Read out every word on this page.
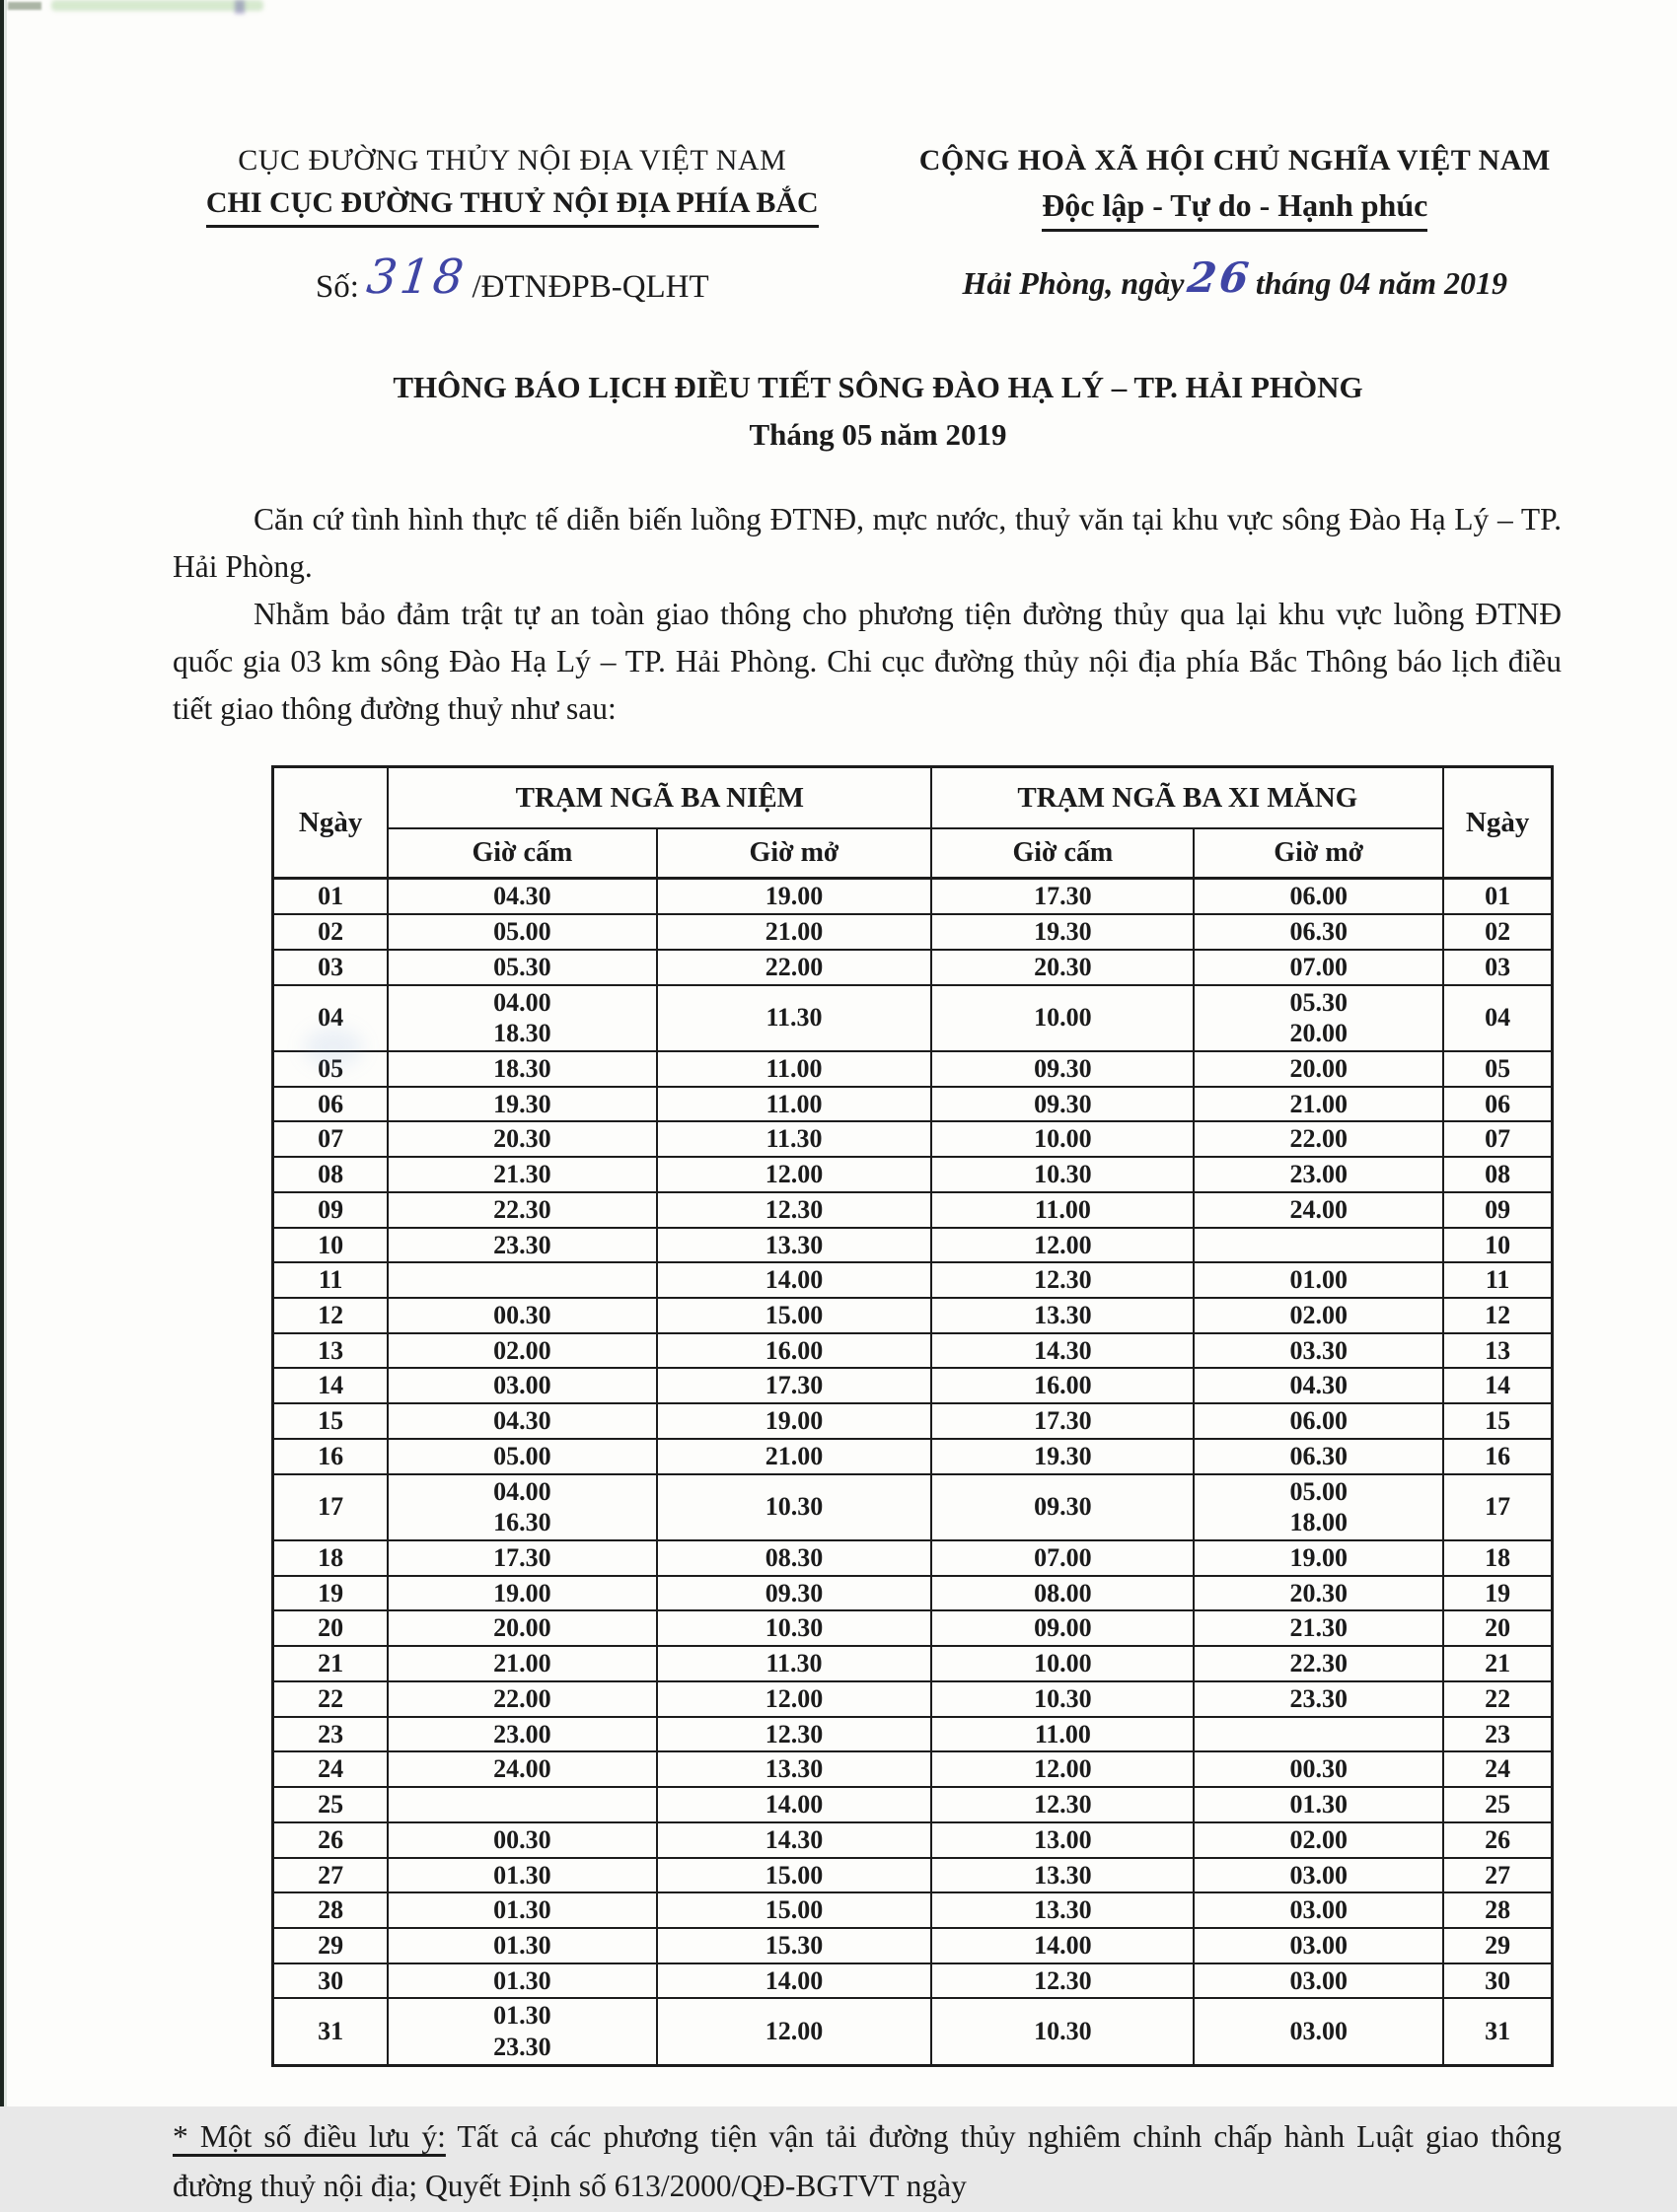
CỤC ĐƯỜNG THỦY NỘI ĐỊA VIỆT NAM
CHI CỤC ĐƯỜNG THUỶ NỘI ĐỊA PHÍA BẮC
Số: 318/ĐTNĐPB-QLHT
CỘNG HOÀ XÃ HỘI CHỦ NGHĨA VIỆT NAM
Độc lập - Tự do - Hạnh phúc
Hải Phòng, ngày26tháng 04 năm 2019
THÔNG BÁO LỊCH ĐIỀU TIẾT SÔNG ĐÀO HẠ LÝ – TP. HẢI PHÒNG
Tháng 05 năm 2019

Căn cứ tình hình thực tế diễn biến luồng ĐTNĐ, mực nước, thuỷ văn tại khu vực sông Đào Hạ Lý – TP. Hải Phòng.

Nhằm bảo đảm trật tự an toàn giao thông cho phương tiện đường thủy qua lại khu vực luồng ĐTNĐ quốc gia 03 km sông Đào Hạ Lý – TP. Hải Phòng. Chi cục đường thủy nội địa phía Bắc Thông báo lịch điều tiết giao thông đường thuỷ như sau:

Ngày	TRẠM NGÃ BA NIỆM		TRẠM NGÃ BA XI MĂNG		Ngày
	Giờ cấm	Giờ mở	Giờ cấm	Giờ mở	
01	04.30	19.00	17.30	06.00	01
02	05.00	21.00	19.30	06.30	02
03	05.30	22.00	20.30	07.00	03
04	04.00
18.30	11.30	10.00	05.30
20.00	04
05	18.30	11.00	09.30	20.00	05
06	19.30	11.00	09.30	21.00	06
07	20.30	11.30	10.00	22.00	07
08	21.30	12.00	10.30	23.00	08
09	22.30	12.30	11.00	24.00	09
10	23.30	13.30	12.00		10
11		14.00	12.30	01.00	11
12	00.30	15.00	13.30	02.00	12
13	02.00	16.00	14.30	03.30	13
14	03.00	17.30	16.00	04.30	14
15	04.30	19.00	17.30	06.00	15
16	05.00	21.00	19.30	06.30	16
17	04.00
16.30	10.30	09.30	05.00
18.00	17
18	17.30	08.30	07.00	19.00	18
19	19.00	09.30	08.00	20.30	19
20	20.00	10.30	09.00	21.30	20
21	21.00	11.30	10.00	22.30	21
22	22.00	12.00	10.30	23.30	22
23	23.00	12.30	11.00		23
24	24.00	13.30	12.00	00.30	24
25		14.00	12.30	01.30	25
26	00.30	14.30	13.00	02.00	26
27	01.30	15.00	13.30	03.00	27
28	01.30	15.00	13.30	03.00	28
29	01.30	15.30	14.00	03.00	29
30	01.30	14.00	12.30	03.00	30
31	01.30
23.30	12.00	10.30	03.00	31

* Một số điều lưu ý: Tất cả các phương tiện vận tải đường thủy nghiêm chỉnh chấp hành Luật giao thông đường thuỷ nội địa; Quyết Định số 613/2000/QĐ-BGTVT ngày
